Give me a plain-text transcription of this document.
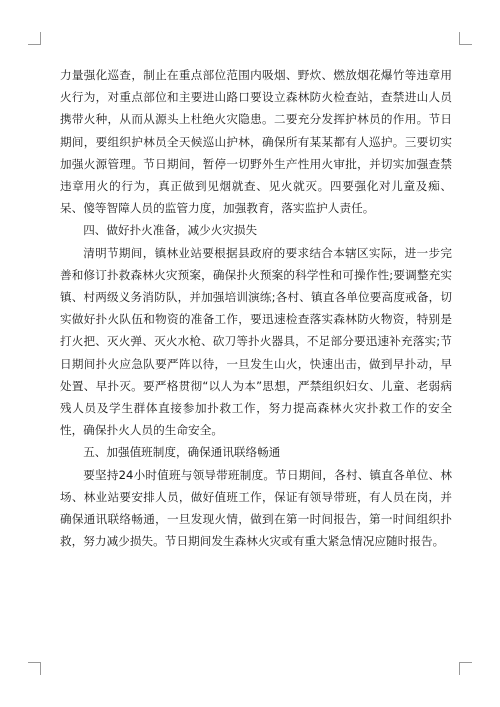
力量强化巡查，制止在重点部位范围内吸烟、野炊、燃放烟花爆竹等违章用火行为，对重点部位和主要进山路口要设立森林防火检查站，查禁进山人员携带火种，从而从源头上杜绝火灾隐患。二要充分发挥护林员的作用。节日期间，要组织护林员全天候巡山护林，确保所有某某都有人巡护。三要切实加强火源管理。节日期间，暂停一切野外生产性用火审批，并切实加强查禁违章用火的行为，真正做到见烟就查、见火就灭。四要强化对儿童及痴、呆、傻等智障人员的监管力度，加强教育，落实监护人责任。

四、做好扑火准备，减少火灾损失

清明节期间，镇林业站要根据县政府的要求结合本辖区实际，进一步完善和修订扑救森林火灾预案，确保扑火预案的科学性和可操作性;要调整充实镇、村两级义务消防队，并加强培训演练;各村、镇直各单位要高度戒备，切实做好扑火队伍和物资的准备工作，要迅速检查落实森林防火物资，特别是打火把、灭火弹、灭火水枪、砍刀等扑火器具，不足部分要迅速补充落实;节日期间扑火应急队要严阵以待，一旦发生山火，快速出击，做到早扑动，早处置、早扑灭。要严格贯彻“以人为本”思想，严禁组织妇女、儿童、老弱病残人员及学生群体直接参加扑救工作，努力提高森林火灾扑救工作的安全性，确保扑火人员的生命安全。

五、加强值班制度，确保通讯联络畅通

要坚持24小时值班与领导带班制度。节日期间，各村、镇直各单位、林场、林业站要安排人员，做好值班工作，保证有领导带班，有人员在岗，并确保通讯联络畅通，一旦发现火情，做到在第一时间报告，第一时间组织扑救，努力减少损失。节日期间发生森林火灾或有重大紧急情况应随时报告。
